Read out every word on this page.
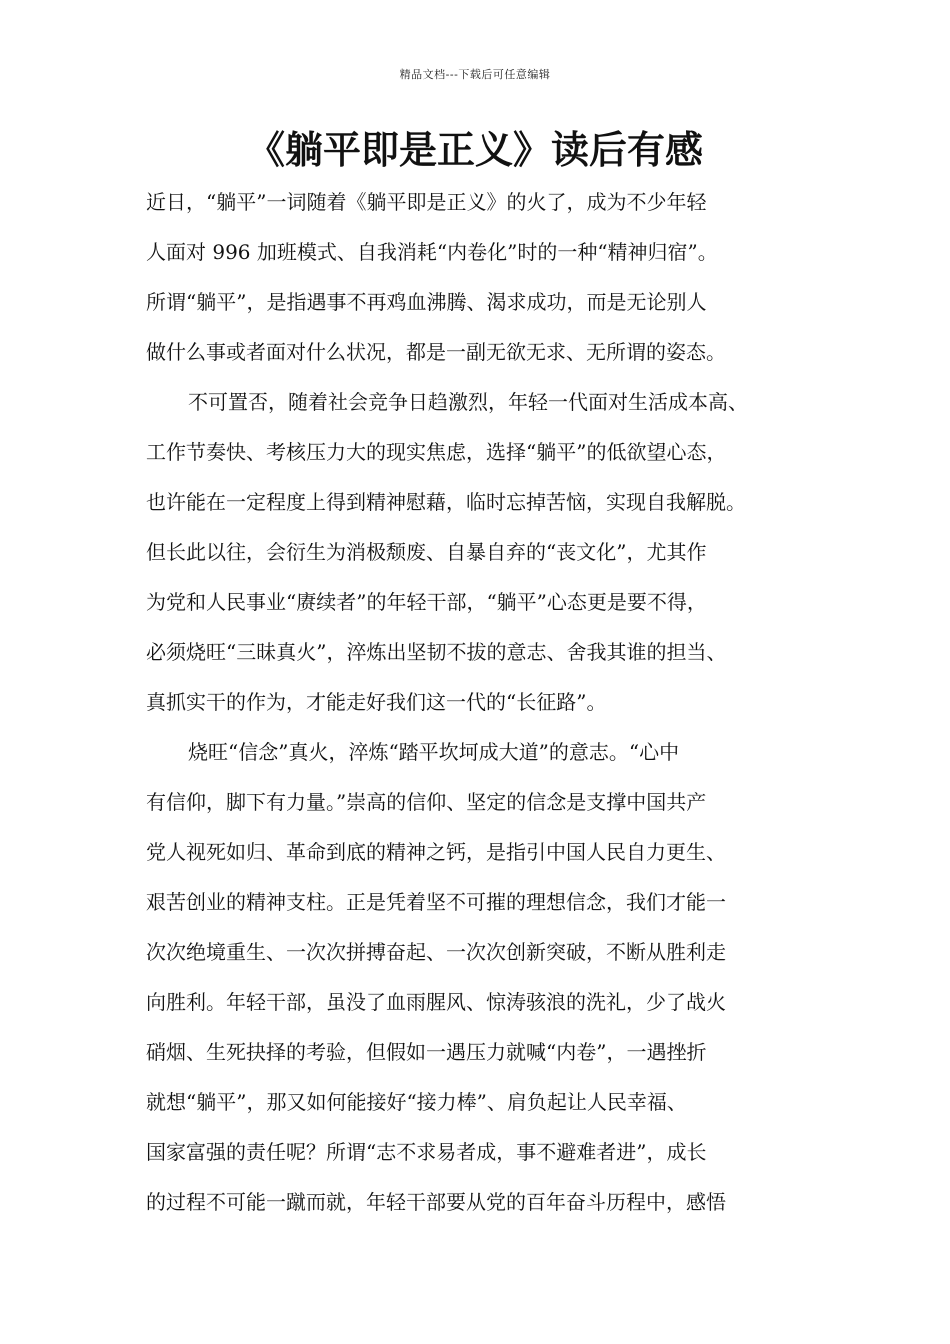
精品文档---下载后可任意编辑
《躺平即是正义》读后有感
近日，“躺平”一词随着《躺平即是正义》的火了，成为不少年轻
人面对 996 加班模式、自我消耗“内卷化”时的一种“精神归宿”。
所谓“躺平”，是指遇事不再鸡血沸腾、渴求成功，而是无论别人
做什么事或者面对什么状况，都是一副无欲无求、无所谓的姿态。
不可置否，随着社会竞争日趋激烈，年轻一代面对生活成本高、
工作节奏快、考核压力大的现实焦虑，选择“躺平”的低欲望心态，
也许能在一定程度上得到精神慰藉，临时忘掉苦恼，实现自我解脱。
但长此以往，会衍生为消极颓废、自暴自弃的“丧文化”，尤其作
为党和人民事业“赓续者”的年轻干部，“躺平”心态更是要不得，
必须烧旺“三昧真火”，淬炼出坚韧不拔的意志、舍我其谁的担当、
真抓实干的作为，才能走好我们这一代的“长征路”。
烧旺“信念”真火，淬炼“踏平坎坷成大道”的意志。“心中
有信仰，脚下有力量。”崇高的信仰、坚定的信念是支撑中国共产
党人视死如归、革命到底的精神之钙，是指引中国人民自力更生、
艰苦创业的精神支柱。正是凭着坚不可摧的理想信念，我们才能一
次次绝境重生、一次次拼搏奋起、一次次创新突破，不断从胜利走
向胜利。年轻干部，虽没了血雨腥风、惊涛骇浪的洗礼，少了战火
硝烟、生死抉择的考验，但假如一遇压力就喊“内卷”，一遇挫折
就想“躺平”，那又如何能接好“接力棒”、肩负起让人民幸福、
国家富强的责任呢？所谓“志不求易者成，事不避难者进”，成长
的过程不可能一蹴而就，年轻干部要从党的百年奋斗历程中，感悟
